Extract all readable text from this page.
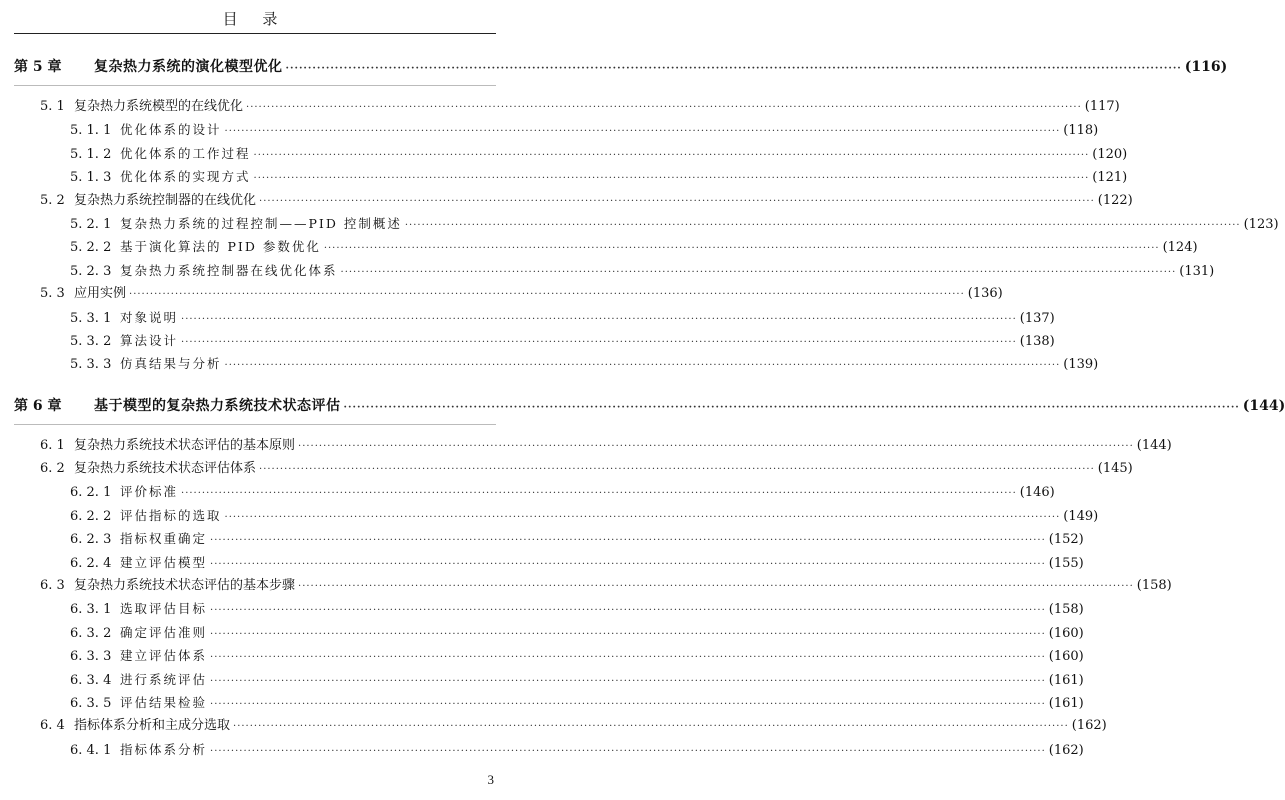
目 录
第 5 章	复杂热力系统的演化模型优化 ········································································································································································································ (116)
5. 1 复杂热力系统模型的在线优化 ········································································································································································································ (117)
5. 1. 1 优化体系的设计 ········································································································································································································ (118)
5. 1. 2 优化体系的工作过程 ········································································································································································································ (120)
5. 1. 3 优化体系的实现方式 ········································································································································································································ (121)
5. 2 复杂热力系统控制器的在线优化 ········································································································································································································ (122)
5. 2. 1 复杂热力系统的过程控制——PID 控制概述 ········································································································································································································ (123)
5. 2. 2 基于演化算法的 PID 参数优化 ········································································································································································································ (124)
5. 2. 3 复杂热力系统控制器在线优化体系 ········································································································································································································ (131)
5. 3 应用实例 ········································································································································································································ (136)
5. 3. 1 对象说明 ········································································································································································································ (137)
5. 3. 2 算法设计 ········································································································································································································ (138)
5. 3. 3 仿真结果与分析 ········································································································································································································ (139)
第 6 章	基于模型的复杂热力系统技术状态评估 ········································································································································································································ (144)
6. 1 复杂热力系统技术状态评估的基本原则 ········································································································································································································ (144)
6. 2 复杂热力系统技术状态评估体系 ········································································································································································································ (145)
6. 2. 1 评价标准 ········································································································································································································ (146)
6. 2. 2 评估指标的选取 ········································································································································································································ (149)
6. 2. 3 指标权重确定 ········································································································································································································ (152)
6. 2. 4 建立评估模型 ········································································································································································································ (155)
6. 3 复杂热力系统技术状态评估的基本步骤 ········································································································································································································ (158)
6. 3. 1 选取评估目标 ········································································································································································································ (158)
6. 3. 2 确定评估准则 ········································································································································································································ (160)
6. 3. 3 建立评估体系 ········································································································································································································ (160)
6. 3. 4 进行系统评估 ········································································································································································································ (161)
6. 3. 5 评估结果检验 ········································································································································································································ (161)
6. 4 指标体系分析和主成分选取 ········································································································································································································ (162)
6. 4. 1 指标体系分析 ········································································································································································································ (162)
3
